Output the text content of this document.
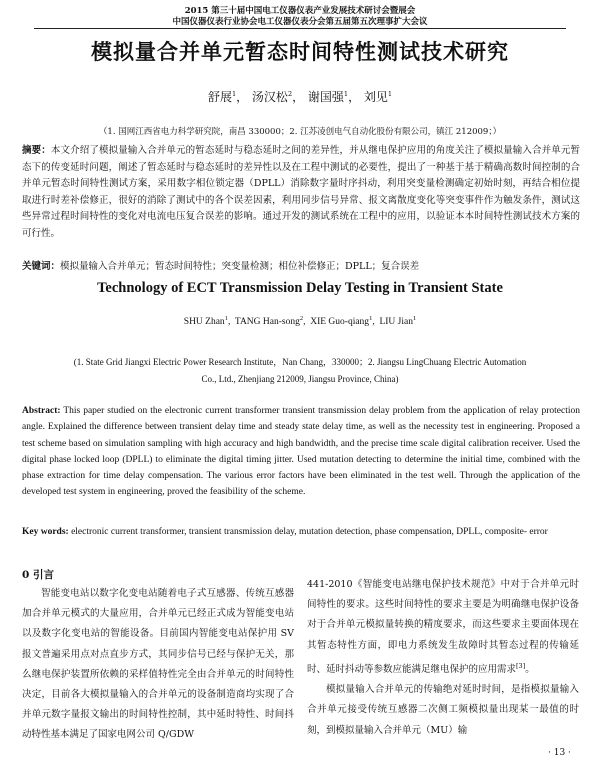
2015 第三十届中国电工仪器仪表产业发展技术研讨会暨展会
中国仪器仪表行业协会电工仪器仪表分会第五届第五次理事扩大会议
模拟量合并单元暂态时间特性测试技术研究
舒展$^1$， 汤汉松$^2$， 谢国强$^1$， 刘见$^1$
（1. 国网江西省电力科学研究院，南昌 330000；2. 江苏凌创电气自动化股份有限公司，镇江 212009；）
摘要：本文介绍了模拟量输入合并单元的暂态延时与稳态延时之间的差异性，并从继电保护应用的角度关注了模拟量输入合并单元暂态下的传变延时问题，阐述了暂态延时与稳态延时的差异性以及在工程中测试的必要性，提出了一种基于基于精确高数时间控制的合并单元暂态时间特性测试方案，采用数字相位锁定器（DPLL）消除数字量时序抖动，利用突变量检测确定初始时刻，再结合相位提取进行时差补偿修正，很好的消除了测试中的各个误差因素，利用同步信号异常、报文离散度变化等突变事件作为触发条件，测试这些异常过程时间特性的变化对电流电压复合误差的影响。通过开发的测试系统在工程中的应用，以验证本本时间特性测试技术方案的可行性。
关键词：模拟量输入合并单元；暂态时间特性；突变量检测；相位补偿修正；DPLL；复合误差
Technology of ECT Transmission Delay Testing in Transient State
SHU Zhan$^1$,  TANG Han-song$^2$,  XIE Guo-qiang$^1$,  LIU Jian$^1$
(1. State Grid Jiangxi Electric Power Research Institute，Nan Chang，330000；2. Jiangsu LingChuang Electric Automation
Co., Ltd., Zhenjiang 212009, Jiangsu Province, China)
Abstract: This paper studied on the electronic current transformer transient transmission delay problem from the application of relay protection angle. Explained the difference between transient delay time and steady state delay time, as well as the necessity test in engineering. Proposed a test scheme based on simulation sampling with high accuracy and high bandwidth, and the precise time scale digital calibration receiver. Used the digital phase locked loop (DPLL) to eliminate the digital timing jitter. Used mutation detecting to determine the initial time, combined with the phase extraction for time delay compensation. The various error factors have been eliminated in the test well. Through the application of the developed test system in engineering, proved the feasibility of the scheme.
Key words: electronic current transformer, transient transmission delay, mutation detection, phase compensation, DPLL, composite- error
0 引言
智能变电站以数字化变电站随着电子式互感器、传统互感器加合并单元模式的大量应用，合并单元已经正式成为智能变电站以及数字化变电站的智能设备。目前国内智能变电站保护用 SV 报文普遍采用点对点直步方式，其同步信号已经与保护无关，那么继电保护装置所依赖的采样值特性完全由合并单元的时间特性决定，目前各大模拟量输入的合并单元的设备制造商均实现了合并单元数字量报文输出的时间特性控制，其中延时特性、时间抖动特性基本满足了国家电网公司 Q/GDW
441-2010《智能变电站继电保护技术规范》中对于合并单元时间特性的要求。这些时间特性的要求主要是为明确继电保护设备对于合并单元模拟量转换的精度要求，而这些要求主要面体现在其暂态特性方面，即电力系统发生故障时其暂态过程的传输延时、延时抖动等参数应能满足继电保护的应用需求[3]。
模拟量输入合并单元的传输绝对延时时间，是指模拟量输入合并单元接受传统互感器二次侧工频模拟量出现某一最值的时刻，到模拟量输入合并单元（MU）输
· 13 ·
